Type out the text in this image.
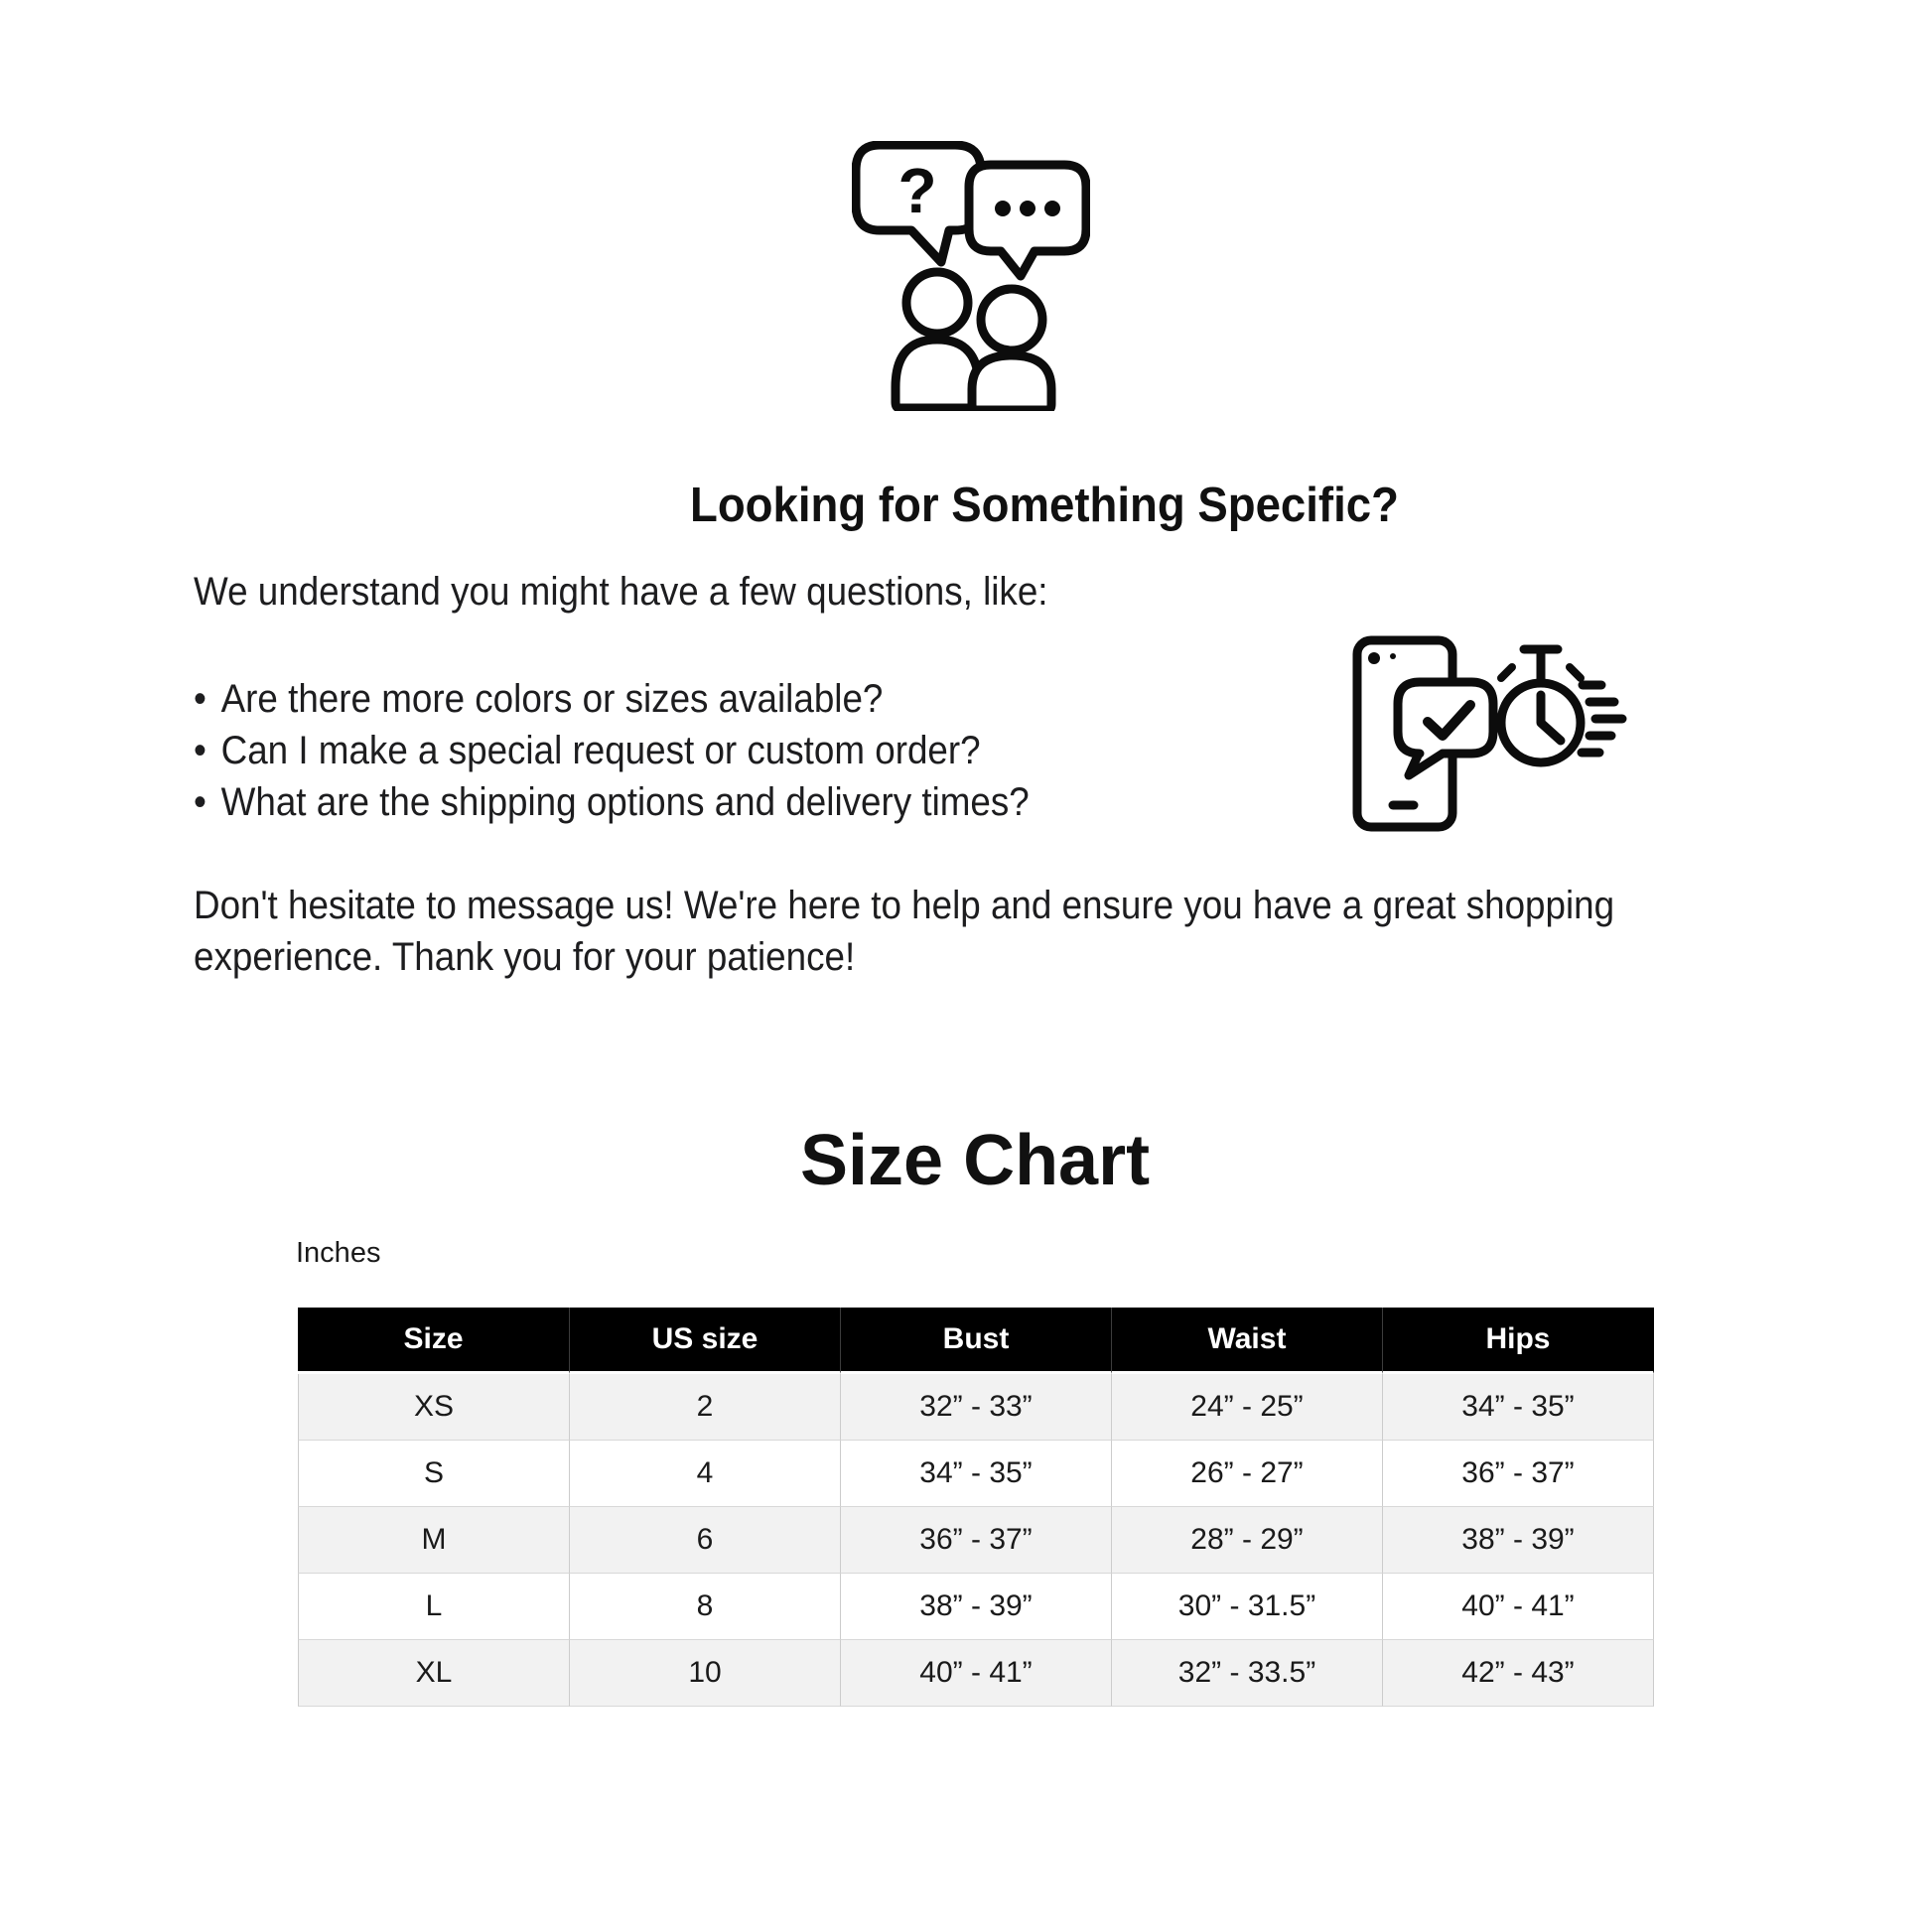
?
Looking for Something Specific?
We understand you might have a few questions, like:
• Are there more colors or sizes available?
• Can I make a special request or custom order?
• What are the shipping options and delivery times?
Don't hesitate to message us! We're here to help and ensure you have a great shopping
experience. Thank you for your patience!
Size Chart
Inches
Size	US size	Bust	Waist	Hips
XS	2	32” - 33”	24” - 25”	34” - 35”
S	4	34” - 35”	26” - 27”	36” - 37”
M	6	36” - 37”	28” - 29”	38” - 39”
L	8	38” - 39”	30” - 31.5”	40” - 41”
XL	10	40” - 41”	32” - 33.5”	42” - 43”
